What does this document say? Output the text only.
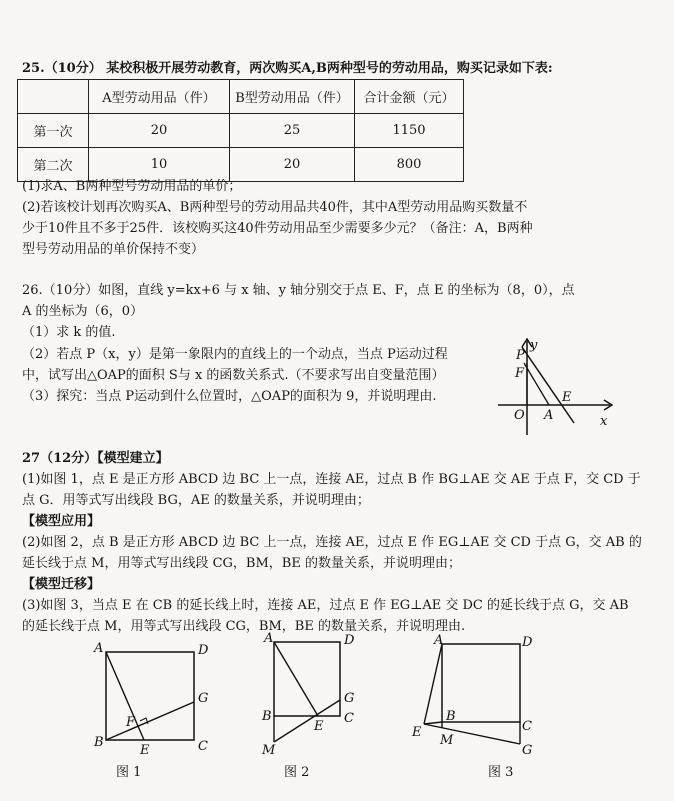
25.（10分） 某校积极开展劳动教育，两次购买A,B两种型号的劳动用品，购买记录如下表:
	A型劳动用品（件）	B型劳动用品（件）	合计金额（元）
第一次	20	25	1150
第二次	10	20	800
(1)求A、B两种型号劳动用品的单价；
(2)若该校计划再次购买A、B两种型号的劳动用品共40件，其中A型劳动用品购买数量不
少于10件且不多于25件．该校购买这40件劳动用品至少需要多少元？（备注：A，B两种
型号劳动用品的单价保持不变）
26.（10分）如图，直线 y=kx+6 与 x 轴、y 轴分别交于点 E、F，点 E 的坐标为（8，0），点
A 的坐标为（6，0）
（1）求 k 的值.
（2）若点 P（x，y）是第一象限内的直线上的一个动点，当点 P运动过程
中，试写出△OAP的面积 S与 x 的函数关系式.（不要求写出自变量范围）
（3）探究：当点 P运动到什么位置时，△OAP的面积为 9，并说明理由.
y
P
F
O A
E
x
27（12分）【模型建立】
(1)如图 1，点 E 是正方形 ABCD 边 BC 上一点，连接 AE，过点 B 作 BG⊥AE 交 AE 于点 F，交 CD 于
点 G．用等式写出线段 BG，AE 的数量关系，并说明理由；
【模型应用】
(2)如图 2，点 B 是正方形 ABCD 边 BC 上一点，连接 AE，过点 E 作 EG⊥AE 交 CD 于点 G，交 AB 的
延长线于点 M，用等式写出线段 CG，BM，BE 的数量关系，并说明理由；
【模型迁移】
(3)如图 3，当点 E 在 CB 的延长线上时，连接 AE，过点 E 作 EG⊥AE 交 DC 的延长线于点 G，交 AB
的延长线于点 M，用等式写出线段 CG，BM，BE 的数量关系，并说明理由.
A	D
G
F
B
E	C
图 1
A	D
G
B
E
C
M
图 2
A	D
B
C
E
M
G
图 3
